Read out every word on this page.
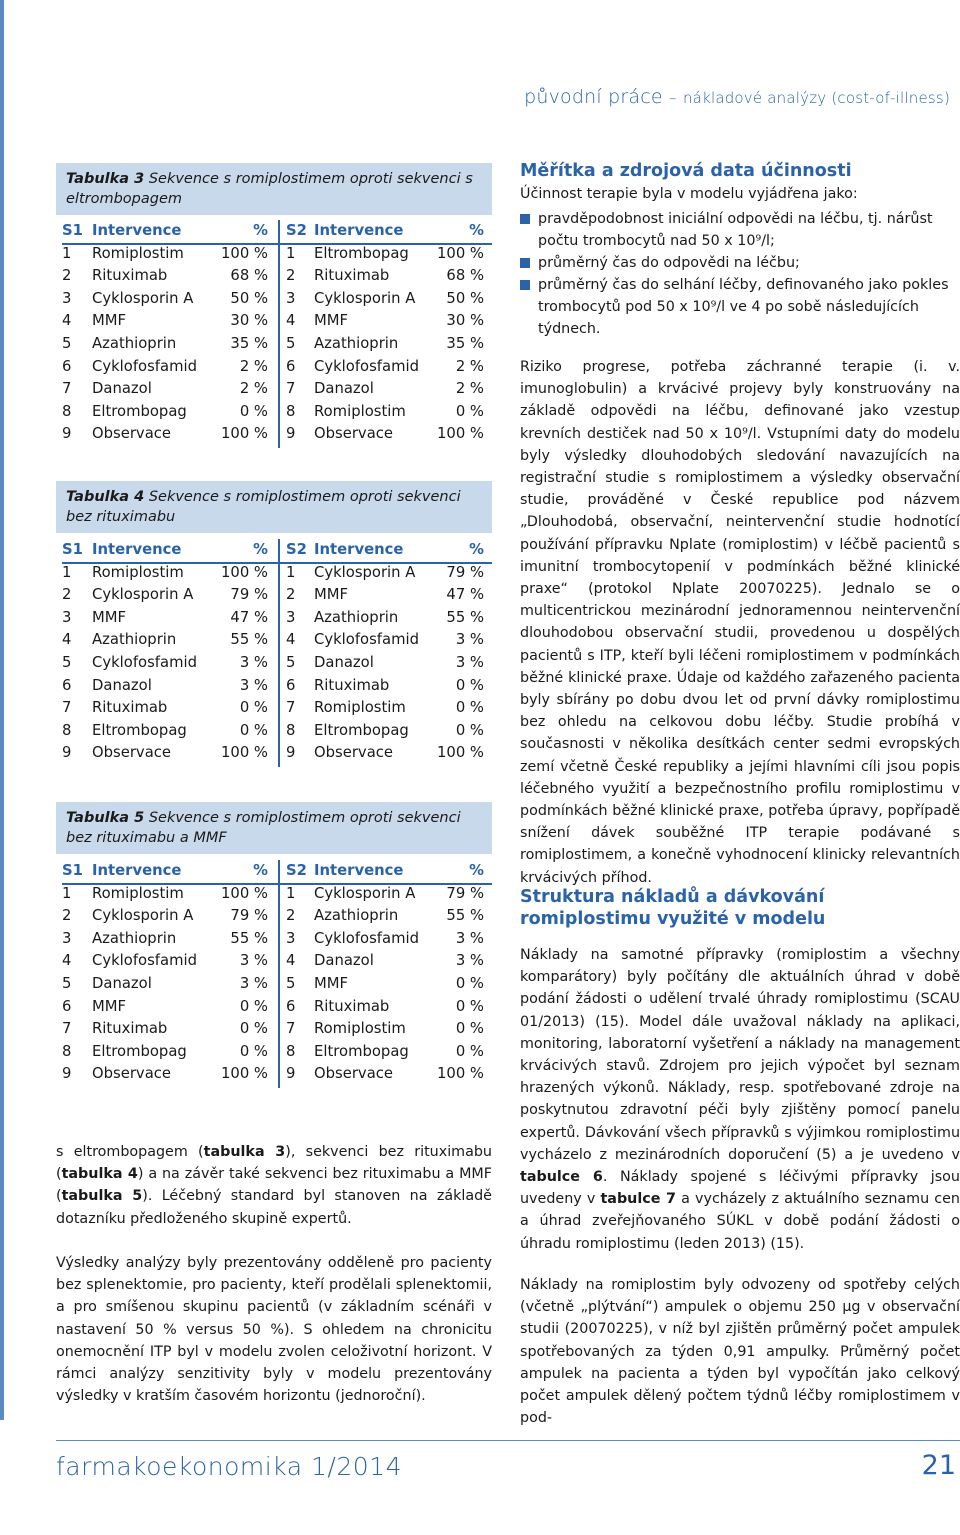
původní práce – nákladové analýzy (cost-of-illness)
Tabulka 3 Sekvence s romiplostimem oproti sekvenci s eltrombopagem
S1	Intervence	%	S2	Intervence	%
1	Romiplostim	100 %	1	Eltrombopag	100 %
2	Rituximab	68 %	2	Rituximab	68 %
3	Cyklosporin A	50 %	3	Cyklosporin A	50 %
4	MMF	30 %	4	MMF	30 %
5	Azathioprin	35 %	5	Azathioprin	35 %
6	Cyklofosfamid	2 %	6	Cyklofosfamid	2 %
7	Danazol	2 %	7	Danazol	2 %
8	Eltrombopag	0 %	8	Romiplostim	0 %
9	Observace	100 %	9	Observace	100 %
Tabulka 4 Sekvence s romiplostimem oproti sekvenci bez rituximabu
S1	Intervence	%	S2	Intervence	%
1	Romiplostim	100 %	1	Cyklosporin A	79 %
2	Cyklosporin A	79 %	2	MMF	47 %
3	MMF	47 %	3	Azathioprin	55 %
4	Azathioprin	55 %	4	Cyklofosfamid	3 %
5	Cyklofosfamid	3 %	5	Danazol	3 %
6	Danazol	3 %	6	Rituximab	0 %
7	Rituximab	0 %	7	Romiplostim	0 %
8	Eltrombopag	0 %	8	Eltrombopag	0 %
9	Observace	100 %	9	Observace	100 %
Tabulka 5 Sekvence s romiplostimem oproti sekvenci bez rituximabu a MMF
S1	Intervence	%	S2	Intervence	%
1	Romiplostim	100 %	1	Cyklosporin A	79 %
2	Cyklosporin A	79 %	2	Azathioprin	55 %
3	Azathioprin	55 %	3	Cyklofosfamid	3 %
4	Cyklofosfamid	3 %	4	Danazol	3 %
5	Danazol	3 %	5	MMF	0 %
6	MMF	0 %	6	Rituximab	0 %
7	Rituximab	0 %	7	Romiplostim	0 %
8	Eltrombopag	0 %	8	Eltrombopag	0 %
9	Observace	100 %	9	Observace	100 %

s eltrombopagem (tabulka 3), sekvenci bez rituximabu (tabulka 4) a na závěr také sekvenci bez rituximabu a MMF (tabulka 5). Léčebný standard byl stanoven na základě dotazníku předloženého skupině expertů.

Výsledky analýzy byly prezentovány odděleně pro pacienty bez splenektomie, pro pacienty, kteří prodělali splenektomii, a pro smíšenou skupinu pacientů (v základním scénáři v nastavení 50 % versus 50 %). S ohledem na chronicitu onemocnění ITP byl v modelu zvolen celoživotní horizont. V rámci analýzy senzitivity byly v modelu prezentovány výsledky v kratším časovém horizontu (jednoroční).

Měřítka a zdrojová data účinnosti
Účinnost terapie byla v modelu vyjádřena jako:
pravděpodobnost iniciální odpovědi na léčbu, tj. nárůst počtu trombocytů nad 50 x 10⁹/l;
průměrný čas do odpovědi na léčbu;
průměrný čas do selhání léčby, definovaného jako pokles trombocytů pod 50 x 10⁹/l ve 4 po sobě následujících týdnech.
Riziko progrese, potřeba záchranné terapie (i. v. imunoglobulin) a krvácivé projevy byly konstruovány na základě odpovědi na léčbu, definované jako vzestup krevních destiček nad 50 x 10⁹/l. Vstupními daty do modelu byly výsledky dlouhodobých sledování navazujících na registrační studie s romiplostimem a výsledky observační studie, prováděné v České republice pod názvem „Dlouhodobá, observační, neintervenční studie hodnotící používání přípravku Nplate (romiplostim) v léčbě pacientů s imunitní trombocytopenií v podmínkách běžné klinické praxe“ (protokol Nplate 20070225). Jednalo se o multicentrickou mezinárodní jednoramennou neintervenční dlouhodobou observační studii, provedenou u dospělých pacientů s ITP, kteří byli léčeni romiplostimem v podmínkách běžné klinické praxe. Údaje od každého zařazeného pacienta byly sbírány po dobu dvou let od první dávky romiplostimu bez ohledu na celkovou dobu léčby. Studie probíhá v současnosti v několika desítkách center sedmi evropských zemí včetně České republiky a jejími hlavními cíli jsou popis léčebného využití a bezpečnostního profilu romiplostimu v podmínkách běžné klinické praxe, potřeba úpravy, popřípadě snížení dávek souběžné ITP terapie podávané s romiplostimem, a konečně vyhodnocení klinicky relevantních krvácivých příhod.
Struktura nákladů a dávkování romiplostimu využité v modelu

Náklady na samotné přípravky (romiplostim a všechny komparátory) byly počítány dle aktuálních úhrad v době podání žádosti o udělení trvalé úhrady romiplostimu (SCAU 01/2013) (15). Model dále uvažoval náklady na aplikaci, monitoring, laboratorní vyšetření a náklady na management krvácivých stavů. Zdrojem pro jejich výpočet byl seznam hrazených výkonů. Náklady, resp. spotřebované zdroje na poskytnutou zdravotní péči byly zjištěny pomocí panelu expertů. Dávkování všech přípravků s výjimkou romiplostimu vycházelo z mezinárodních doporučení (5) a je uvedeno v tabulce 6. Náklady spojené s léčivými přípravky jsou uvedeny v tabulce 7 a vycházely z aktuálního seznamu cen a úhrad zveřejňovaného SÚKL v době podání žádosti o úhradu romiplostimu (leden 2013) (15).

Náklady na romiplostim byly odvozeny od spotřeby celých (včetně „plýtvání“) ampulek o objemu 250 µg v observační studii (20070225), v níž byl zjištěn průměrný počet ampulek spotřebovaných za týden 0,91 ampulky. Průměrný počet ampulek na pacienta a týden byl vypočítán jako celkový počet ampulek dělený počtem týdnů léčby romiplostimem v pod-
farmakoekonomika 1/2014	21
